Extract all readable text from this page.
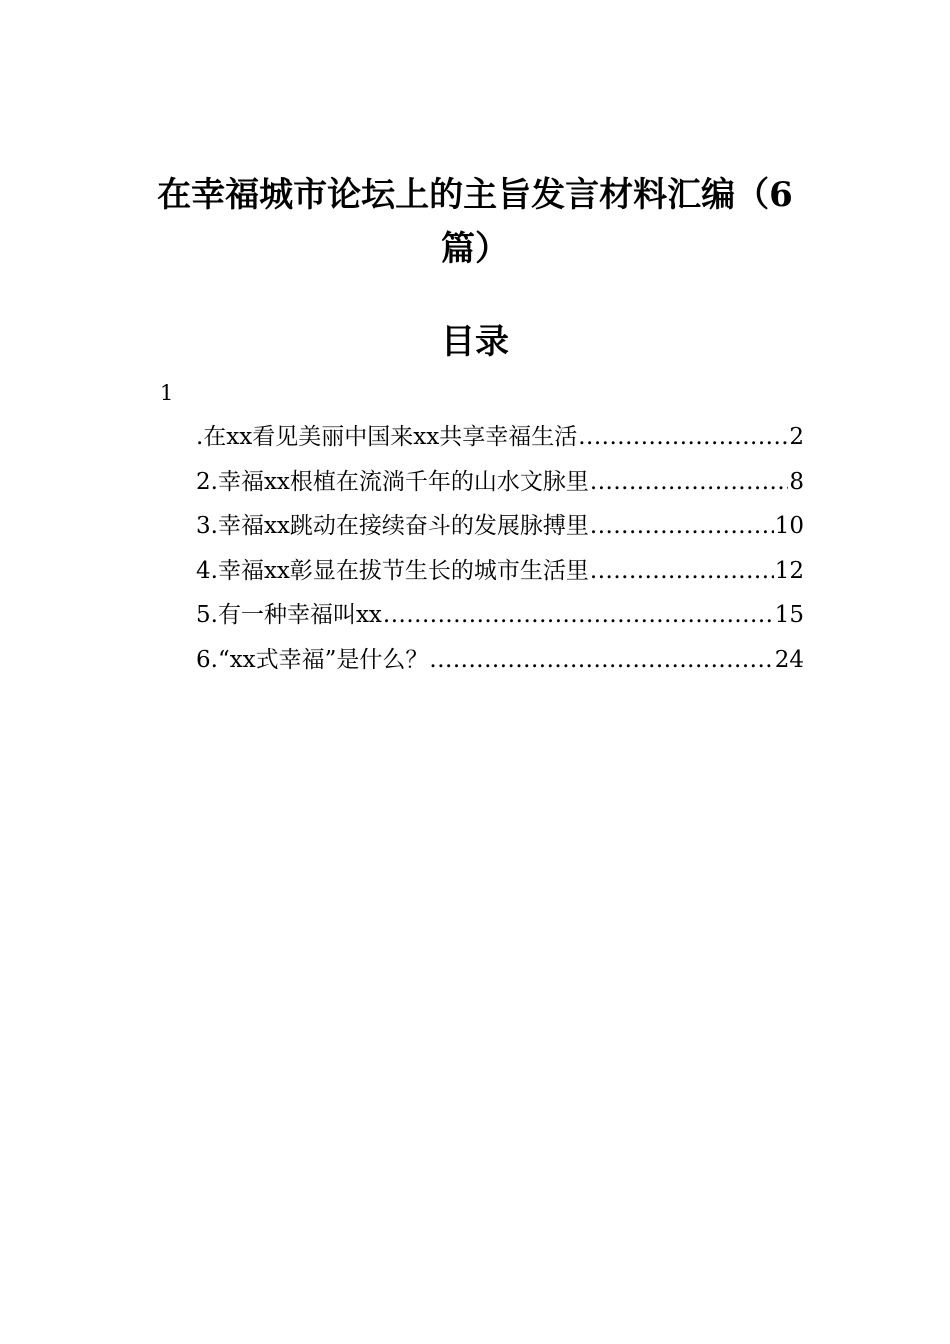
在幸福城市论坛上的主旨发言材料汇编（6篇）
目录
1
.在xx看见美丽中国来xx共享幸福生活 .....	2
2.幸福xx根植在流淌千年的山水文脉里 .....	8
3.幸福xx跳动在接续奋斗的发展脉搏里 .....	10
4.幸福xx彰显在拔节生长的城市生活里 .....	12
5.有一种幸福叫xx .....	15
6.“xx式幸福”是什么？ .....	24
